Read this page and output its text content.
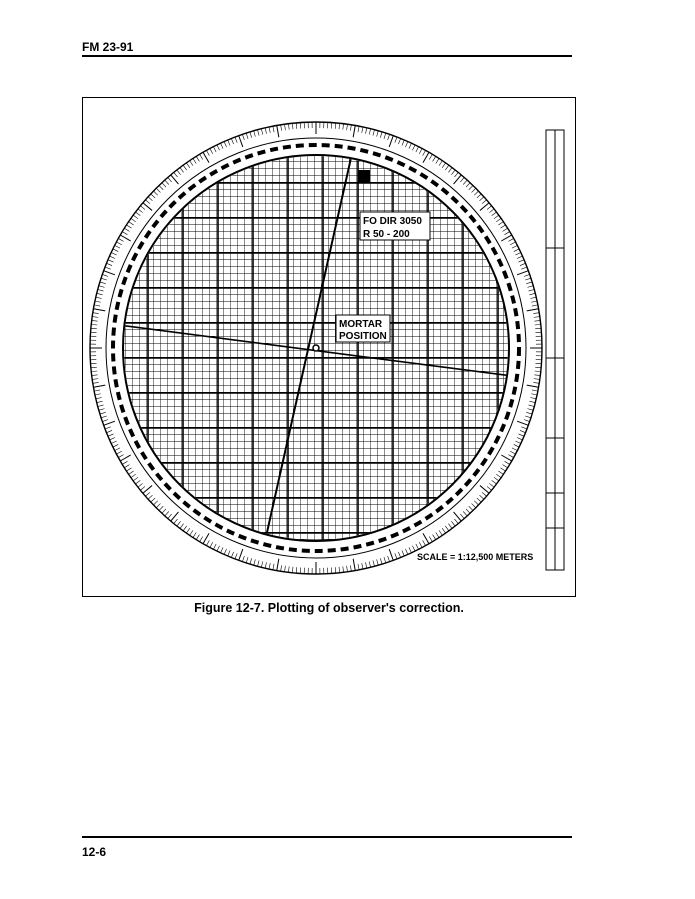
FM 23-91
FO DIR 3050
R 50 - 200
MORTAR
POSITION
SCALE = 1:12,500 METERS
Figure 12-7. Plotting of observer's correction.
12-6
